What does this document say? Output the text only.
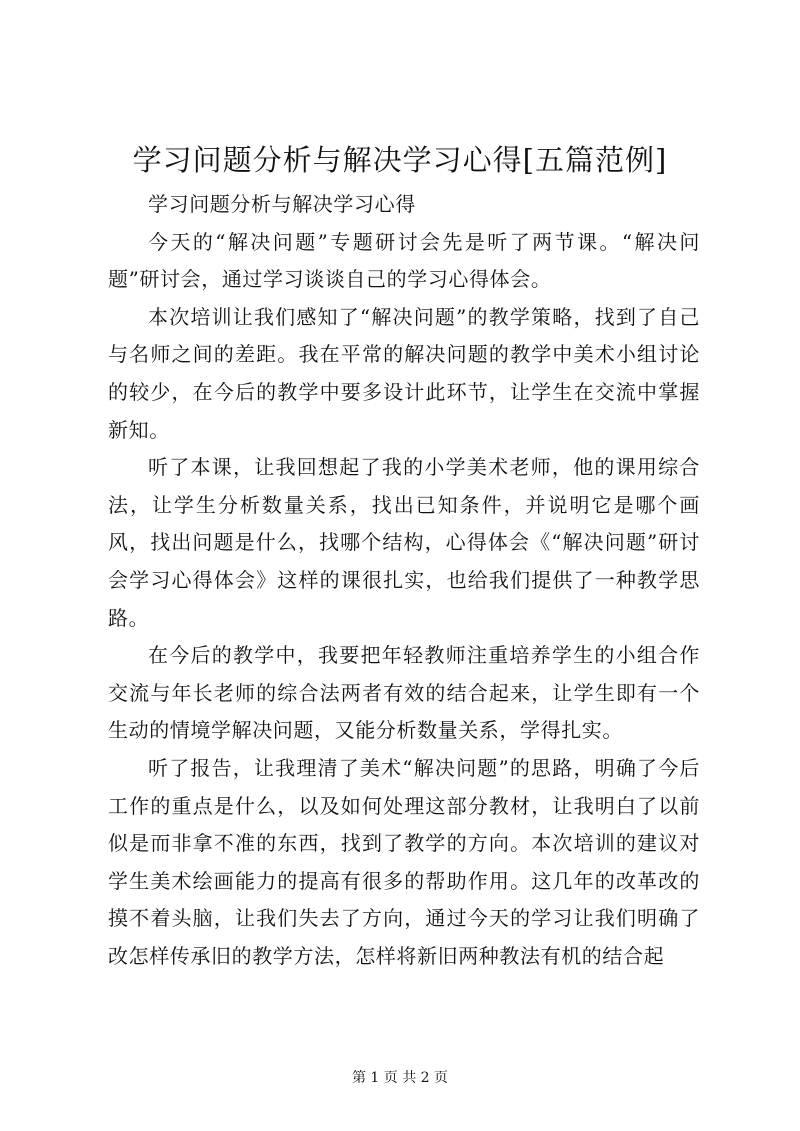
学习问题分析与解决学习心得[五篇范例]

学习问题分析与解决学习心得

今天的“解决问题”专题研讨会先是听了两节课。“解决问题”研讨会，通过学习谈谈自己的学习心得体会。

本次培训让我们感知了“解决问题”的教学策略，找到了自己与名师之间的差距。我在平常的解决问题的教学中美术小组讨论的较少，在今后的教学中要多设计此环节，让学生在交流中掌握新知。

听了本课，让我回想起了我的小学美术老师，他的课用综合法，让学生分析数量关系，找出已知条件，并说明它是哪个画风，找出问题是什么，找哪个结构，心得体会《“解决问题”研讨会学习心得体会》这样的课很扎实，也给我们提供了一种教学思路。

在今后的教学中，我要把年轻教师注重培养学生的小组合作交流与年长老师的综合法两者有效的结合起来，让学生即有一个生动的情境学解决问题，又能分析数量关系，学得扎实。

听了报告，让我理清了美术“解决问题”的思路，明确了今后工作的重点是什么，以及如何处理这部分教材，让我明白了以前似是而非拿不准的东西，找到了教学的方向。本次培训的建议对学生美术绘画能力的提高有很多的帮助作用。这几年的改革改的摸不着头脑，让我们失去了方向，通过今天的学习让我们明确了改怎样传承旧的教学方法，怎样将新旧两种教法有机的结合起

第 1 页 共 2 页
